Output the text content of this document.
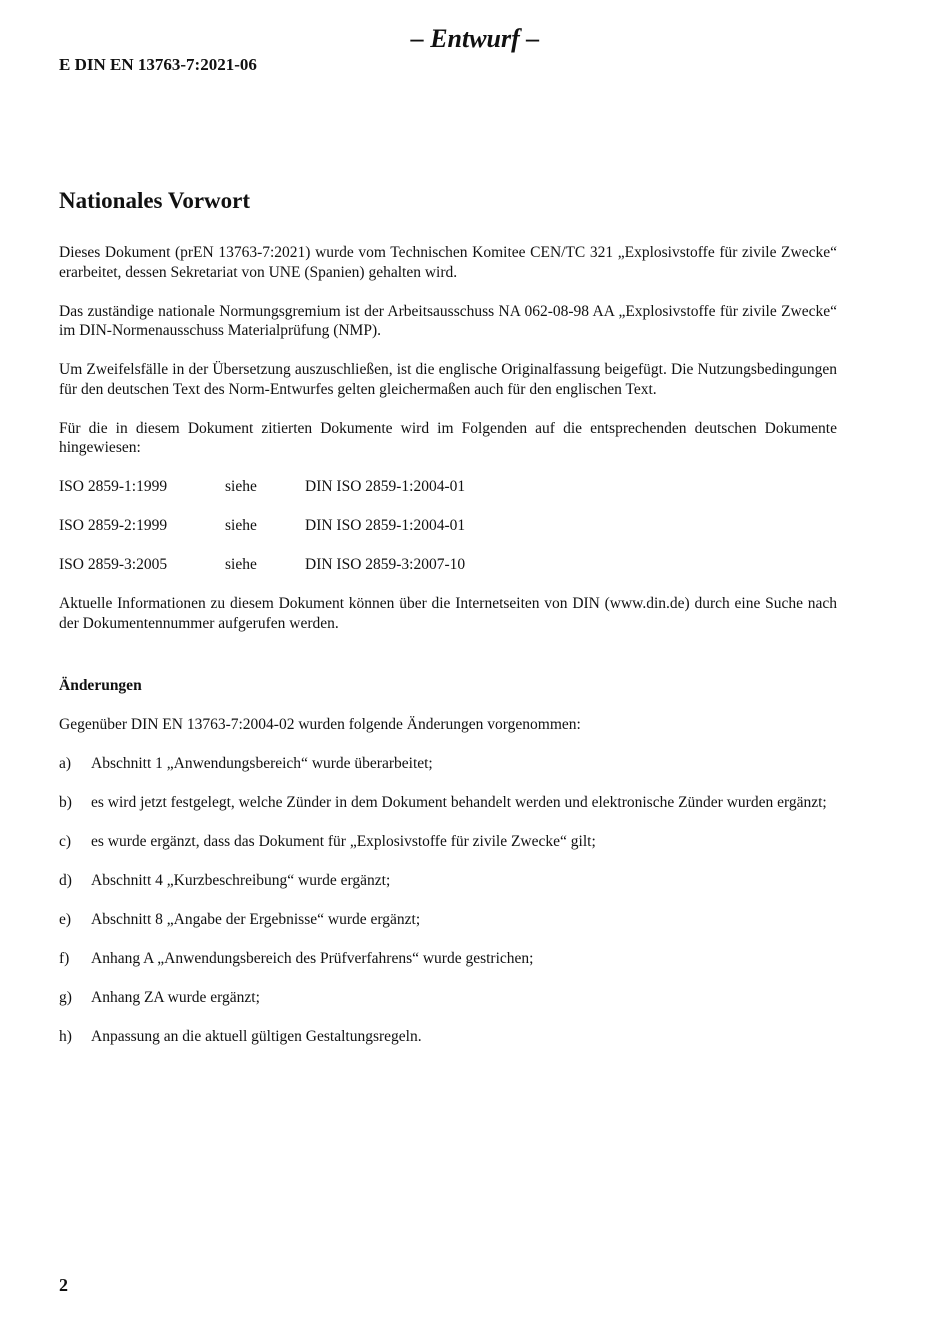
– Entwurf –
E DIN EN 13763-7:2021-06
Nationales Vorwort

Dieses Dokument (prEN 13763-7:2021) wurde vom Technischen Komitee CEN/TC 321 „Explosivstoffe für zivile Zwecke“ erarbeitet, dessen Sekretariat von UNE (Spanien) gehalten wird.

Das zuständige nationale Normungsgremium ist der Arbeitsausschuss NA 062-08-98 AA „Explosivstoffe für zivile Zwecke“ im DIN-Normenausschuss Materialprüfung (NMP).

Um Zweifelsfälle in der Übersetzung auszuschließen, ist die englische Originalfassung beigefügt. Die Nutzungsbedingungen für den deutschen Text des Norm-Entwurfes gelten gleichermaßen auch für den englischen Text.

Für die in diesem Dokument zitierten Dokumente wird im Folgenden auf die entsprechenden deutschen Dokumente hingewiesen:

ISO 2859-1:1999	siehe	DIN ISO 2859-1:2004-01
ISO 2859-2:1999	siehe	DIN ISO 2859-1:2004-01
ISO 2859-3:2005	siehe	DIN ISO 2859-3:2007-10

Aktuelle Informationen zu diesem Dokument können über die Internetseiten von DIN (www.din.de) durch eine Suche nach der Dokumentennummer aufgerufen werden.

Änderungen

Gegenüber DIN EN 13763-7:2004-02 wurden folgende Änderungen vorgenommen:

a)	Abschnitt 1 „Anwendungsbereich“ wurde überarbeitet;
b)	es wird jetzt festgelegt, welche Zünder in dem Dokument behandelt werden und elektronische Zünder wurden ergänzt;
c)	es wurde ergänzt, dass das Dokument für „Explosivstoffe für zivile Zwecke“ gilt;
d)	Abschnitt 4 „Kurzbeschreibung“ wurde ergänzt;
e)	Abschnitt 8 „Angabe der Ergebnisse“ wurde ergänzt;
f)	Anhang A „Anwendungsbereich des Prüfverfahrens“ wurde gestrichen;
g)	Anhang ZA wurde ergänzt;
h)	Anpassung an die aktuell gültigen Gestaltungsregeln.
2
